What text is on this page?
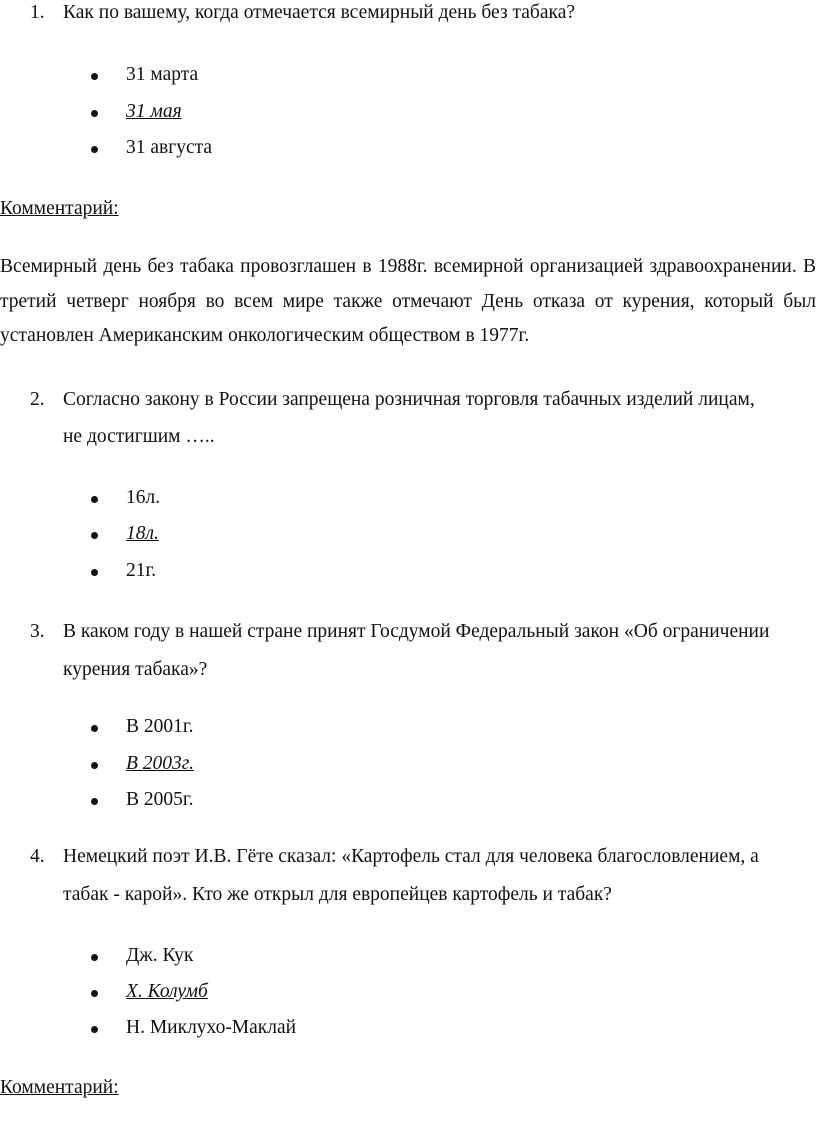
1. Как по вашему, когда отмечается всемирный день без табака?
31 марта
31 мая
31 августа
Комментарий:
Всемирный день без табака провозглашен в 1988г. всемирной организацией здравоохранении. В третий четверг ноября во всем мире также отмечают День отказа от курения, который был установлен Американским онкологическим обществом в 1977г.
2. Согласно закону в России запрещена розничная торговля табачных изделий лицам,
не достигшим …..
16л.
18л.
21г.
3. В каком году в нашей стране принят Госдумой Федеральный закон «Об ограничении
курения табака»?
В 2001г.
В 2003г.
В 2005г.
4. Немецкий поэт И.В. Гёте сказал: «Картофель стал для человека благословлением, а
табак - карой». Кто же открыл для европейцев картофель и табак?
Дж. Кук
Х. Колумб
Н. Миклухо-Маклай
Комментарий:
